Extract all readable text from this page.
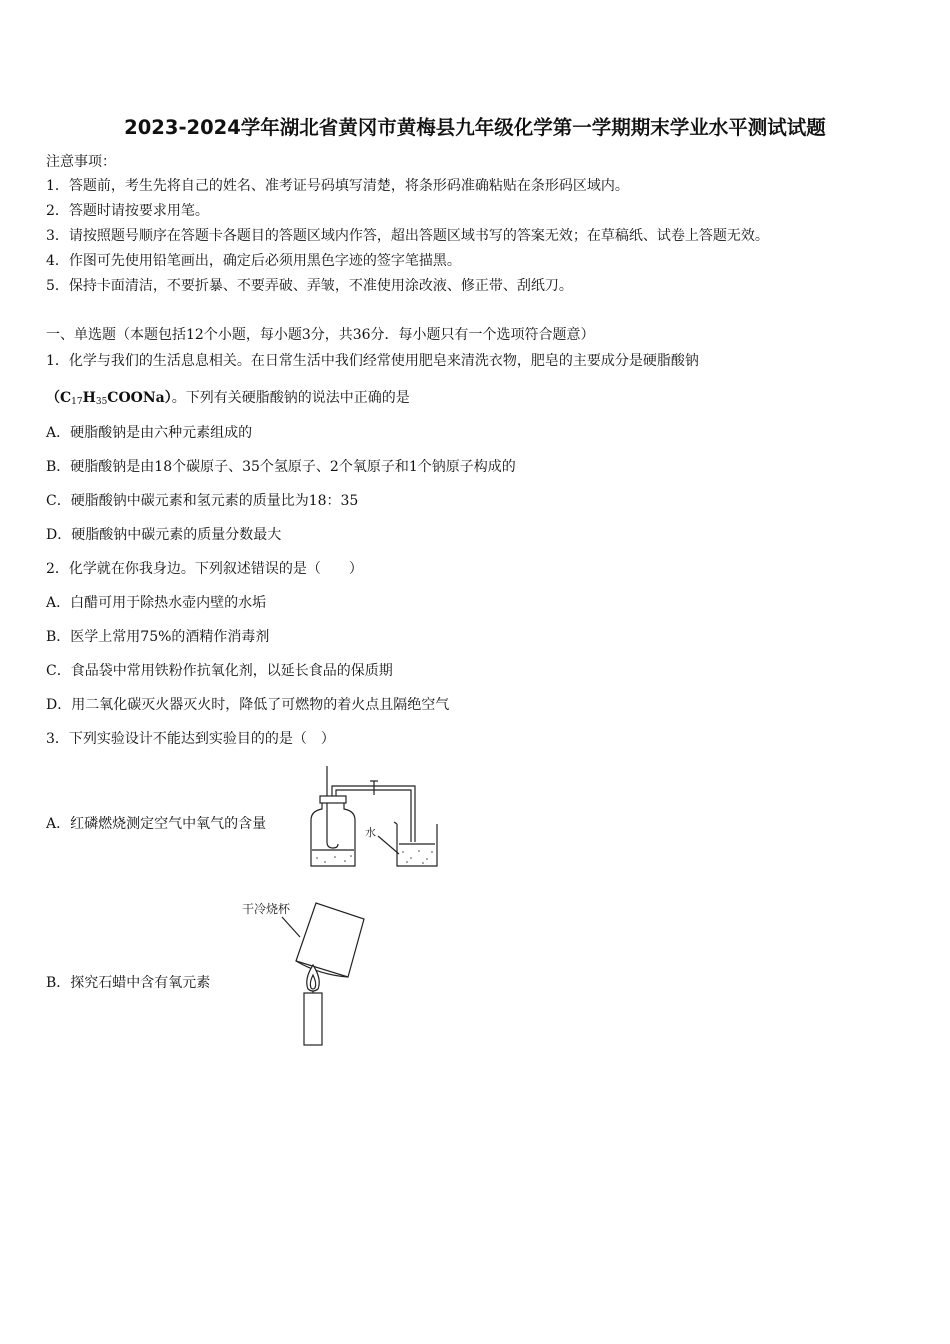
2023-2024学年湖北省黄冈市黄梅县九年级化学第一学期期末学业水平测试试题
注意事项：
1．答题前，考生先将自己的姓名、准考证号码填写清楚，将条形码准确粘贴在条形码区域内。
2．答题时请按要求用笔。
3．请按照题号顺序在答题卡各题目的答题区域内作答，超出答题区域书写的答案无效；在草稿纸、试卷上答题无效。
4．作图可先使用铅笔画出，确定后必须用黑色字迹的签字笔描黑。
5．保持卡面清洁，不要折暴、不要弄破、弄皱，不准使用涂改液、修正带、刮纸刀。
一、单选题（本题包括12个小题，每小题3分，共36分．每小题只有一个选项符合题意）
1．化学与我们的生活息息相关。在日常生活中我们经常使用肥皂来清洗衣物，肥皂的主要成分是硬脂酸钠
$(C_{17}H_{35}COONa)$。下列有关硬脂酸钠的说法中正确的是
A．硬脂酸钠是由六种元素组成的
B．硬脂酸钠是由18个碳原子、35个氢原子、2个氧原子和1个钠原子构成的
C．硬脂酸钠中碳元素和氢元素的质量比为18：35
D．硬脂酸钠中碳元素的质量分数最大
2．化学就在你我身边。下列叙述错误的是（　　）
A．白醋可用于除热水壶内壁的水垢
B．医学上常用75%的酒精作消毒剂
C．食品袋中常用铁粉作抗氧化剂，以延长食品的保质期
D．用二氧化碳灭火器灭火时，降低了可燃物的着火点且隔绝空气
3．下列实验设计不能达到实验目的的是（　）
A．红磷燃烧测定空气中氧气的含量
B．探究石蜡中含有氧元素
水
干冷烧杯
